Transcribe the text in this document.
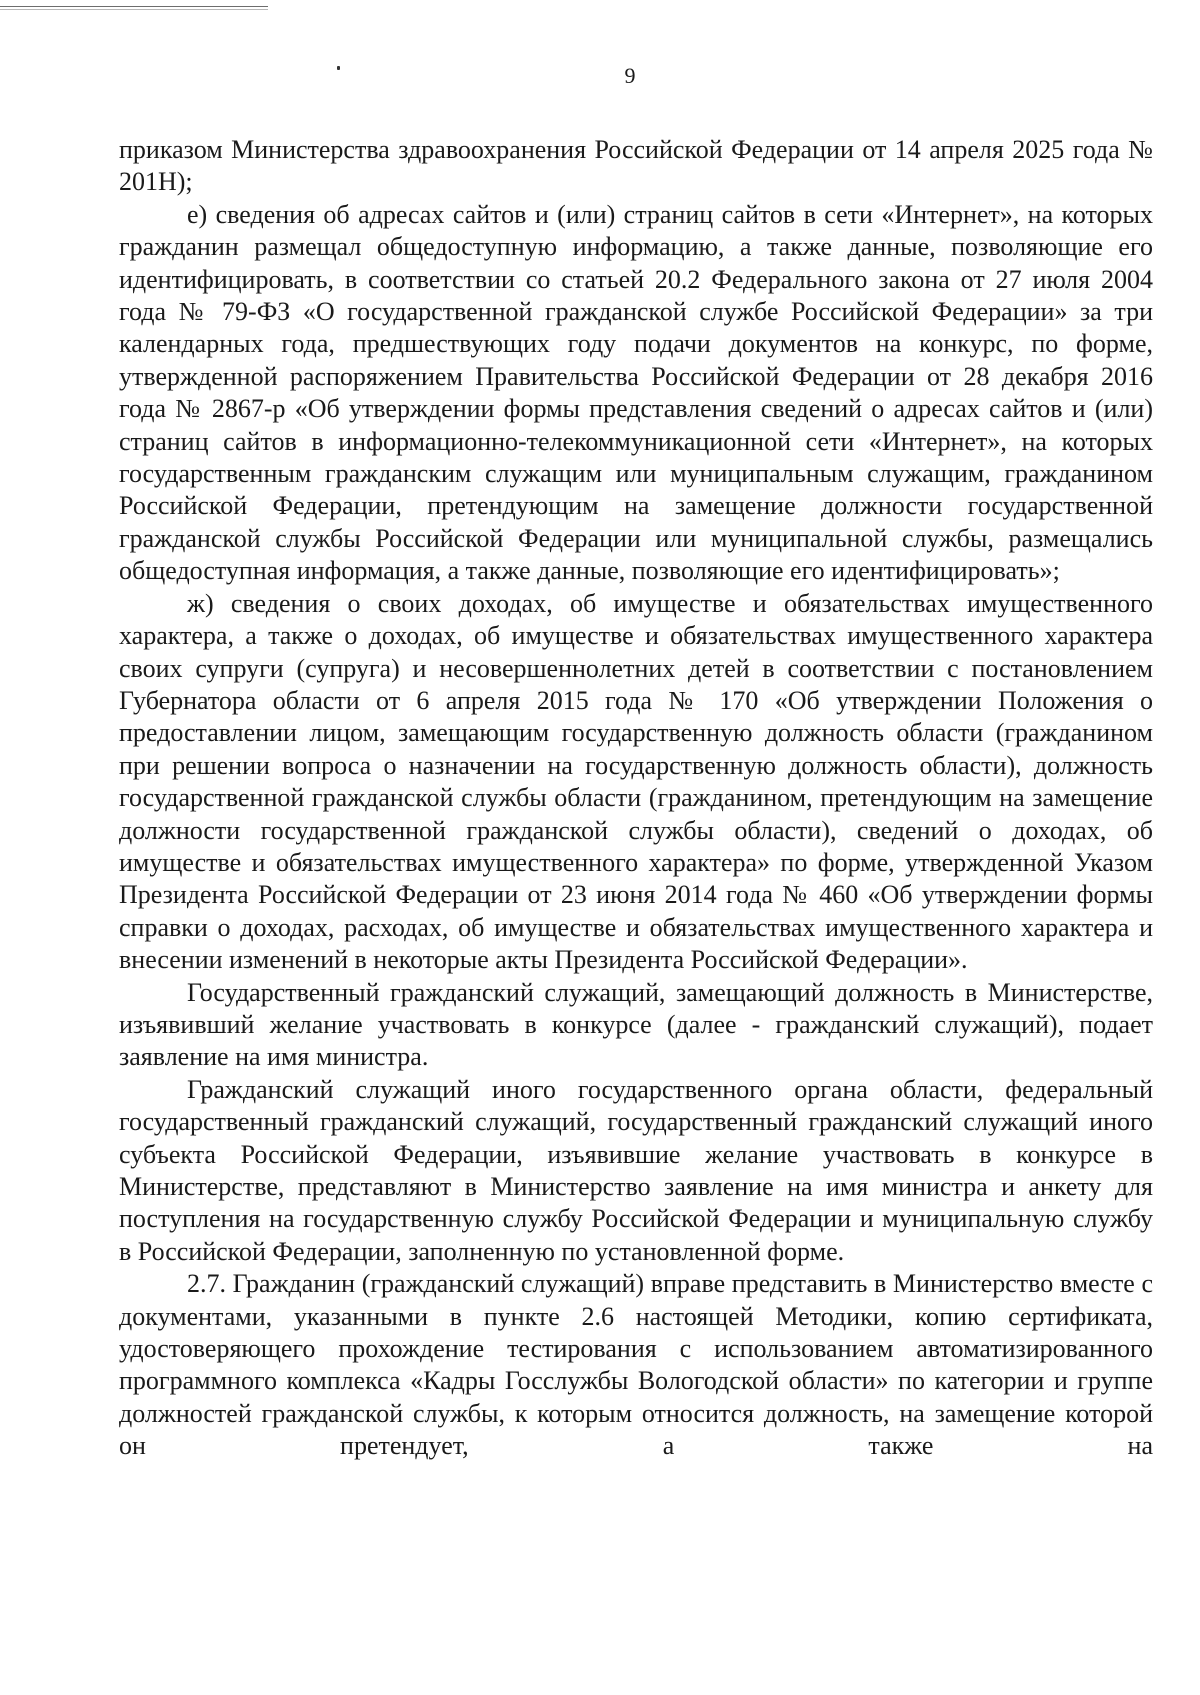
9

приказом Министерства здравоохранения Российской Федерации от 14 апреля 2025 года № 201Н);

е) сведения об адресах сайтов и (или) страниц сайтов в сети «Интернет», на которых гражданин размещал общедоступную информацию, а также данные, позволяющие его идентифицировать, в соответствии со статьей 20.2 Федерального закона от 27 июля 2004 года № 79-ФЗ «О государственной гражданской службе Российской Федерации» за три календарных года, предшествующих году подачи документов на конкурс, по форме, утвержденной распоряжением Правительства Российской Федерации от 28 декабря 2016 года № 2867-р «Об утверждении формы представления сведений о адресах сайтов и (или) страниц сайтов в информационно-телекоммуникационной сети «Интернет», на которых государственным гражданским служащим или муниципальным служащим, гражданином Российской Федерации, претендующим на замещение должности государственной гражданской службы Российской Федерации или муниципальной службы, размещались общедоступная информация, а также данные, позволяющие его идентифицировать»;

ж) сведения о своих доходах, об имуществе и обязательствах имущественного характера, а также о доходах, об имуществе и обязательствах имущественного характера своих супруги (супруга) и несовершеннолетних детей в соответствии с постановлением Губернатора области от 6 апреля 2015 года № 170 «Об утверждении Положения о предоставлении лицом, замещающим государственную должность области (гражданином при решении вопроса о назначении на государственную должность области), должность государственной гражданской службы области (гражданином, претендующим на замещение должности государственной гражданской службы области), сведений о доходах, об имуществе и обязательствах имущественного характера» по форме, утвержденной Указом Президента Российской Федерации от 23 июня 2014 года № 460 «Об утверждении формы справки о доходах, расходах, об имуществе и обязательствах имущественного характера и внесении изменений в некоторые акты Президента Российской Федерации».

Государственный гражданский служащий, замещающий должность в Министерстве, изъявивший желание участвовать в конкурсе (далее - гражданский служащий), подает заявление на имя министра.

Гражданский служащий иного государственного органа области, федеральный государственный гражданский служащий, государственный гражданский служащий иного субъекта Российской Федерации, изъявившие желание участвовать в конкурсе в Министерстве, представляют в Министерство заявление на имя министра и анкету для поступления на государственную службу Российской Федерации и муниципальную службу в Российской Федерации, заполненную по установленной форме.

2.7. Гражданин (гражданский служащий) вправе представить в Министерство вместе с документами, указанными в пункте 2.6 настоящей Методики, копию сертификата, удостоверяющего прохождение тестирования с использованием автоматизированного программного комплекса «Кадры Госслужбы Вологодской области» по категории и группе должностей гражданской службы, к которым относится должность, на замещение которой он претендует, а также на
